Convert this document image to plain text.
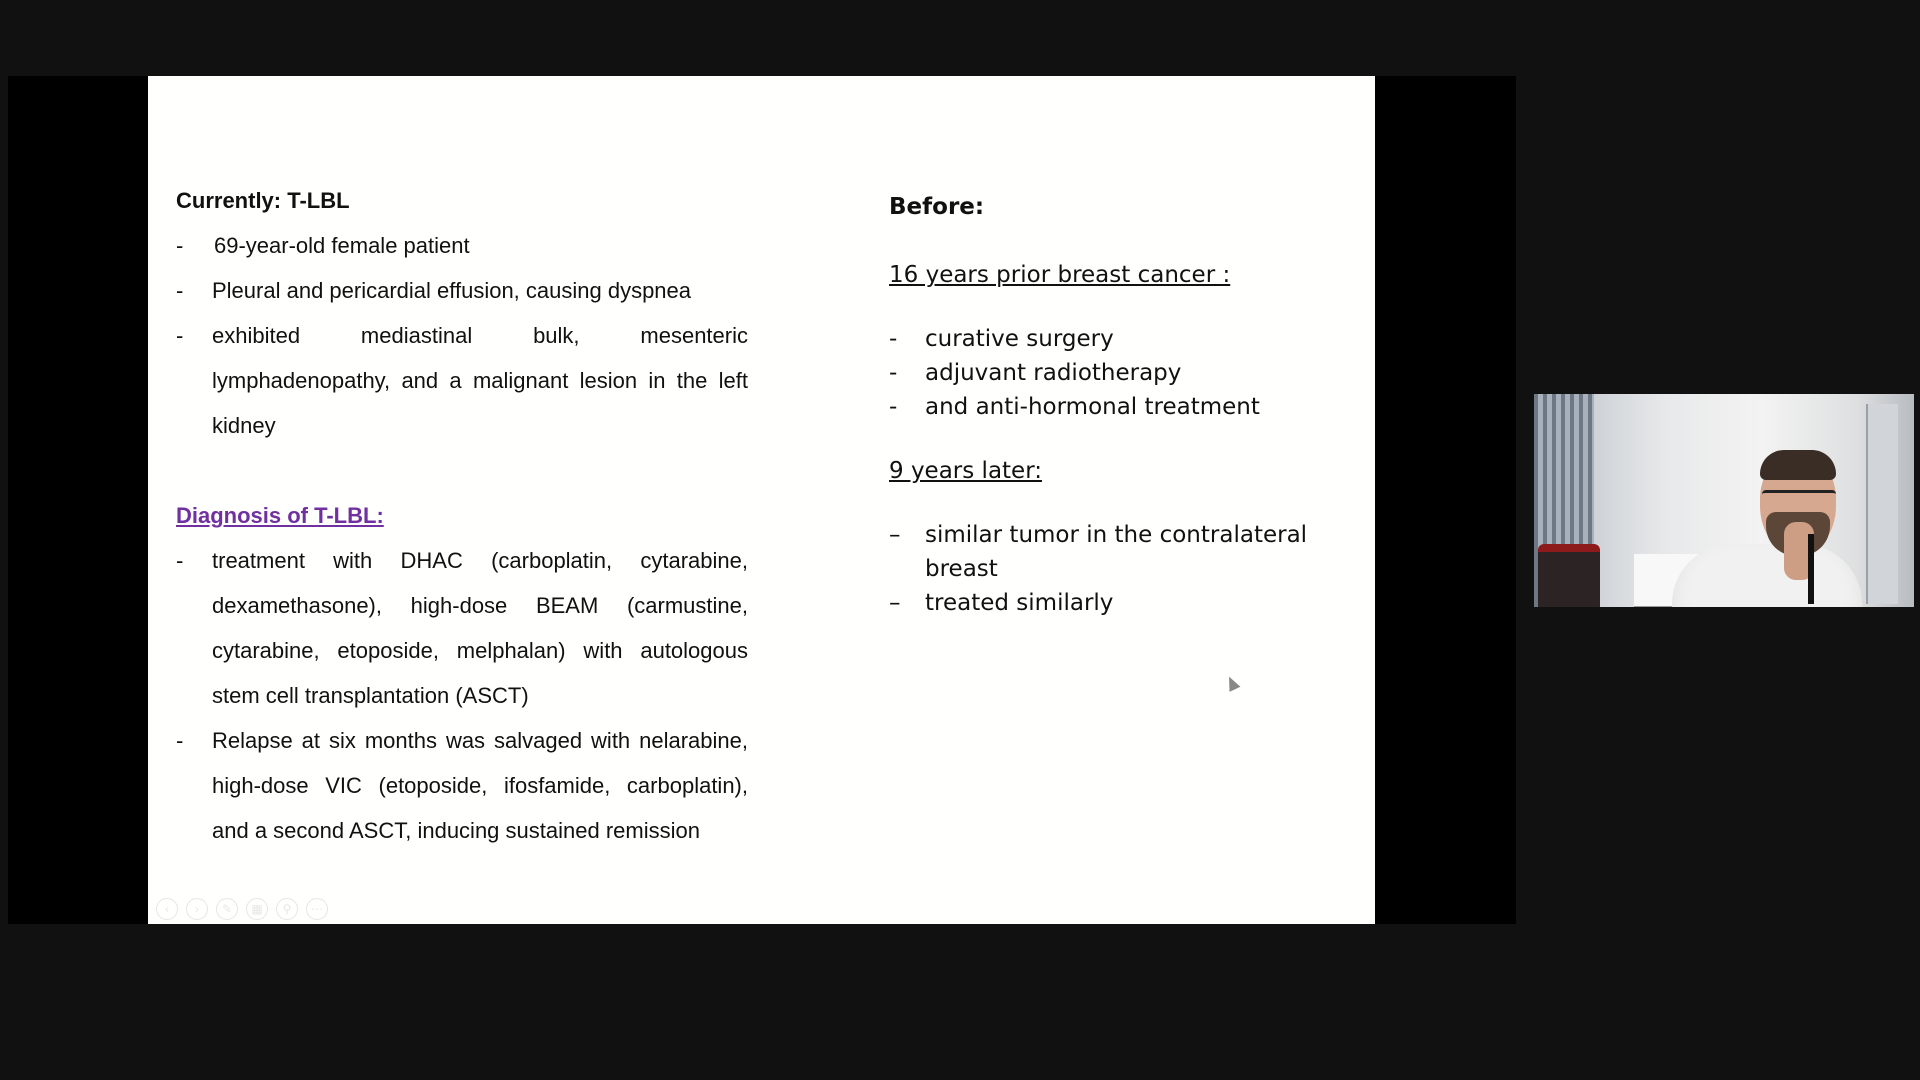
Currently: T-LBL
- 69-year-old female patient
- Pleural and pericardial effusion, causing dyspnea
- exhibited mediastinal bulk, mesenteric lymphadenopathy, and a malignant lesion in the left kidney
Diagnosis of T-LBL:
- treatment with DHAC (carboplatin, cytarabine, dexamethasone), high-dose BEAM (carmustine, cytarabine, etoposide, melphalan) with autologous stem cell transplantation (ASCT)
- Relapse at six months was salvaged with nelarabine, high-dose VIC (etoposide, ifosfamide, carboplatin), and a second ASCT, inducing sustained remission
Before:
16 years prior breast cancer :
- curative surgery
- adjuvant radiotherapy
- and anti-hormonal treatment
9 years later:
– similar tumor in the contralateral breast
– treated similarly
‹	›	✎	▦	⚲	⋯
